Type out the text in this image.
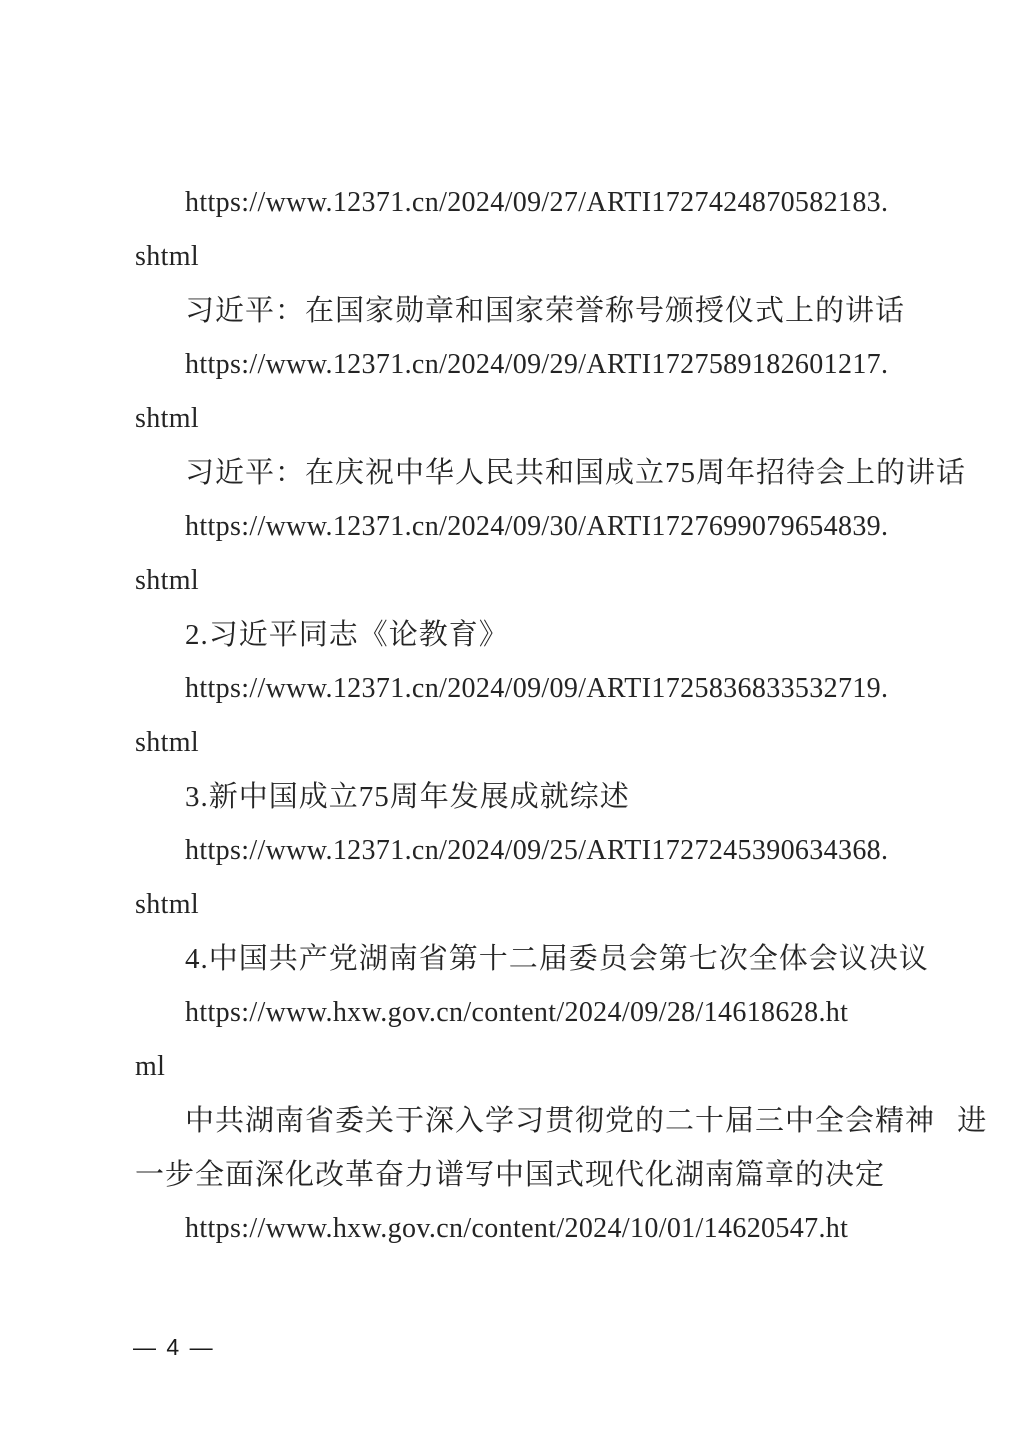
https://www.12371.cn/2024/09/27/ARTI1727424870582183.
shtml
习近平：在国家勋章和国家荣誉称号颁授仪式上的讲话
https://www.12371.cn/2024/09/29/ARTI1727589182601217.
shtml
习近平：在庆祝中华人民共和国成立75周年招待会上的讲话
https://www.12371.cn/2024/09/30/ARTI1727699079654839.
shtml
2.习近平同志《论教育》
https://www.12371.cn/2024/09/09/ARTI1725836833532719.
shtml
3.新中国成立75周年发展成就综述
https://www.12371.cn/2024/09/25/ARTI1727245390634368.
shtml
4.中国共产党湖南省第十二届委员会第七次全体会议决议
https://www.hxw.gov.cn/content/2024/09/28/14618628.ht
ml
中共湖南省委关于深入学习贯彻党的二十届三中全会精神 进
一步全面深化改革奋力谱写中国式现代化湖南篇章的决定
https://www.hxw.gov.cn/content/2024/10/01/14620547.ht
— 4 —
